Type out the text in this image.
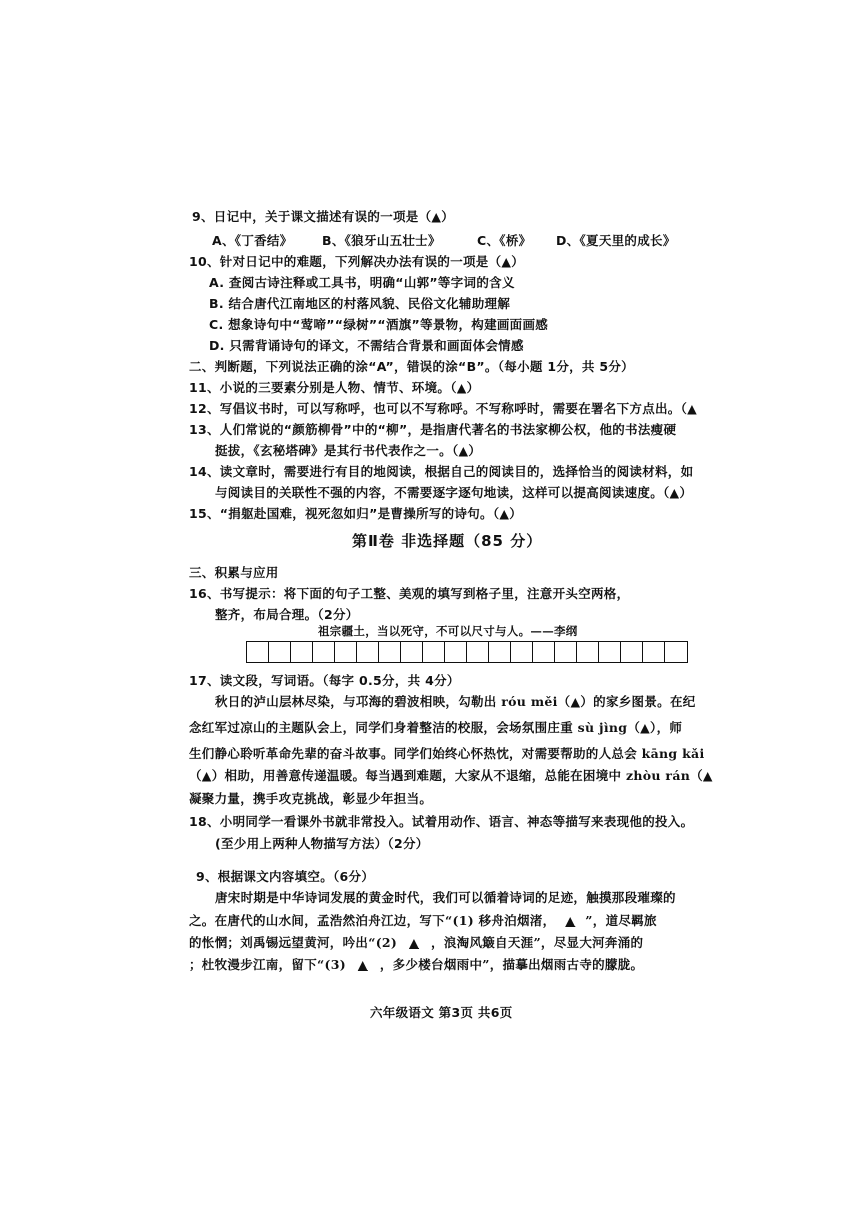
9、日记中，关于课文描述有误的一项是（▲）
A、《丁香结》 B、《狼牙山五壮士》	C、《桥》 D、《夏天里的成长》
10、针对日记中的难题，下列解决办法有误的一项是（▲）
A. 查阅古诗注释或工具书，明确“山郭”等字词的含义
B. 结合唐代江南地区的村落风貌、民俗文化辅助理解
C. 想象诗句中“莺啼”“绿树”“酒旗”等景物，构建画面画感
D. 只需背诵诗句的译文，不需结合背景和画面体会情感
二、判断题，下列说法正确的涂“A”，错误的涂“B”。（每小题 1分，共 5分）
11、小说的三要素分别是人物、情节、环境。（▲）
12、写倡议书时，可以写称呼，也可以不写称呼。不写称呼时，需要在署名下方点出。（▲
13、人们常说的“颜筋柳骨”中的“柳”，是指唐代著名的书法家柳公权，他的书法瘦硬
挺拔，《玄秘塔碑》是其行书代表作之一。（▲）
14、读文章时，需要进行有目的地阅读，根据自己的阅读目的，选择恰当的阅读材料，如
与阅读目的关联性不强的内容，不需要逐字逐句地读，这样可以提高阅读速度。（▲）
15、“捐躯赴国难，视死忽如归”是曹操所写的诗句。（▲）
第Ⅱ卷 非选择题（85 分）
三、积累与应用
16、书写提示：将下面的句子工整、美观的填写到格子里，注意开头空两格，
整齐，布局合理。（2分）
祖宗疆土，当以死守，不可以尺寸与人。——李纲
17、读文段，写词语。（每字 0.5分，共 4分）
秋日的泸山层林尽染，与邛海的碧波相映，勾勒出 róu měi（▲）的家乡图景。在纪
念红军过凉山的主题队会上，同学们身着整洁的校服，会场氛围庄重 sù jìng（▲），师
生们静心聆听革命先辈的奋斗故事。同学们始终心怀热忱，对需要帮助的人总会 kāng kǎi
（▲）相助，用善意传递温暖。每当遇到难题，大家从不退缩，总能在困境中 zhòu rán（▲
凝聚力量，携手攻克挑战，彰显少年担当。
18、小明同学一看课外书就非常投入。试着用动作、语言、神态等描写来表现他的投入。
(至少用上两种人物描写方法）（2分）
9、根据课文内容填空。（6分）
唐宋时期是中华诗词发展的黄金时代，我们可以循着诗词的足迹，触摸那段璀璨的
之。在唐代的山水间，孟浩然泊舟江边，写下“(1) 移舟泊烟渚， ▲ ”，道尽羁旅
的怅惘；刘禹锡远望黄河，吟出“(2) ▲ ，浪淘风簸自天涯”，尽显大河奔涌的
；杜牧漫步江南，留下“(3) ▲ ，多少楼台烟雨中”，描摹出烟雨古寺的朦胧。
六年级语文 第3页 共6页
